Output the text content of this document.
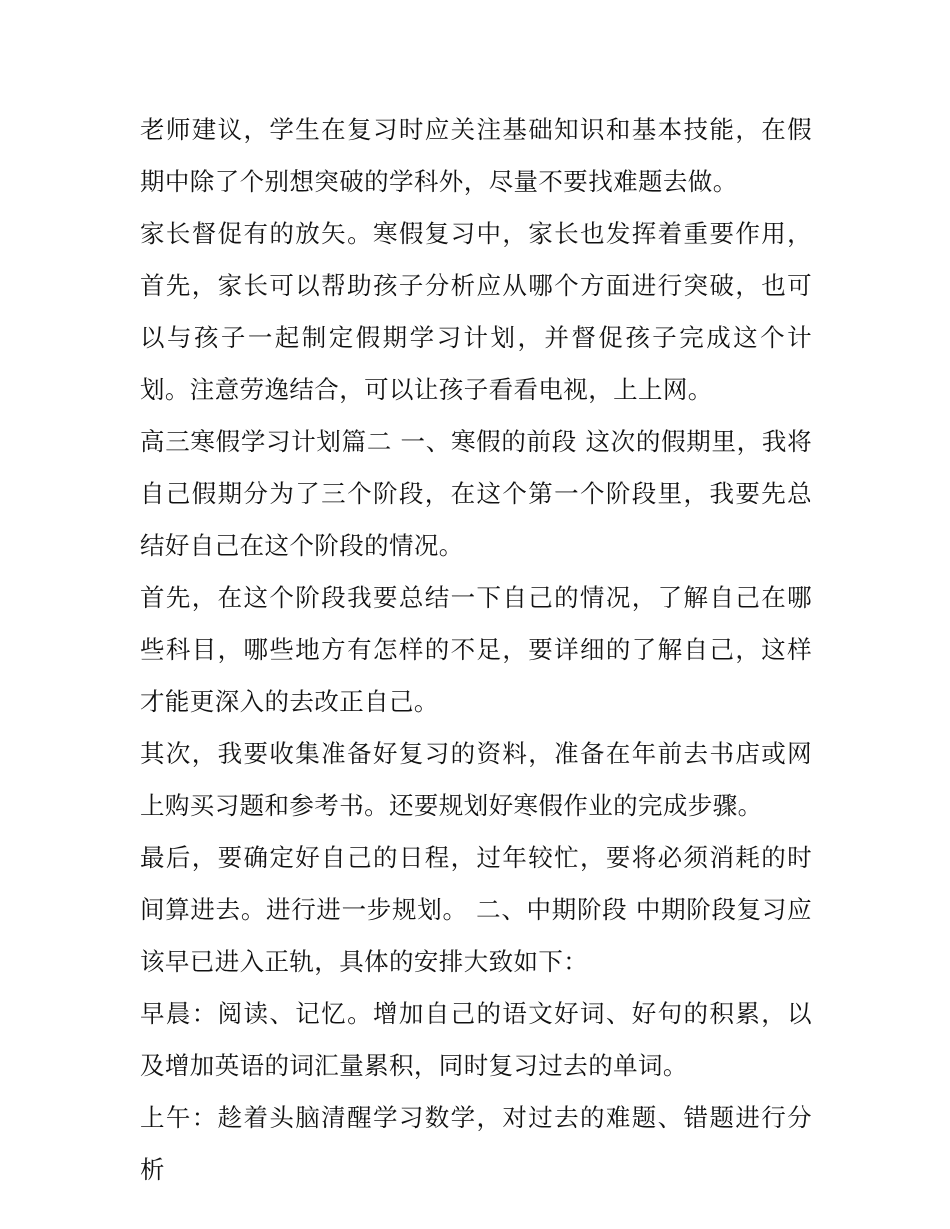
老师建议，学生在复习时应关注基础知识和基本技能，在假期中除了个别想突破的学科外，尽量不要找难题去做。

家长督促有的放矢。寒假复习中，家长也发挥着重要作用，首先，家长可以帮助孩子分析应从哪个方面进行突破，也可以与孩子一起制定假期学习计划，并督促孩子完成这个计划。注意劳逸结合，可以让孩子看看电视，上上网。

高三寒假学习计划篇二 一、寒假的前段 这次的假期里，我将自己假期分为了三个阶段，在这个第一个阶段里，我要先总结好自己在这个阶段的情况。

首先，在这个阶段我要总结一下自己的情况，了解自己在哪些科目，哪些地方有怎样的不足，要详细的了解自己，这样才能更深入的去改正自己。

其次，我要收集准备好复习的资料，准备在年前去书店或网上购买习题和参考书。还要规划好寒假作业的完成步骤。

最后，要确定好自己的日程，过年较忙，要将必须消耗的时间算进去。进行进一步规划。 二、中期阶段 中期阶段复习应该早已进入正轨，具体的安排大致如下：

早晨：阅读、记忆。增加自己的语文好词、好句的积累，以及增加英语的词汇量累积，同时复习过去的单词。

上午：趁着头脑清醒学习数学，对过去的难题、错题进行分析
